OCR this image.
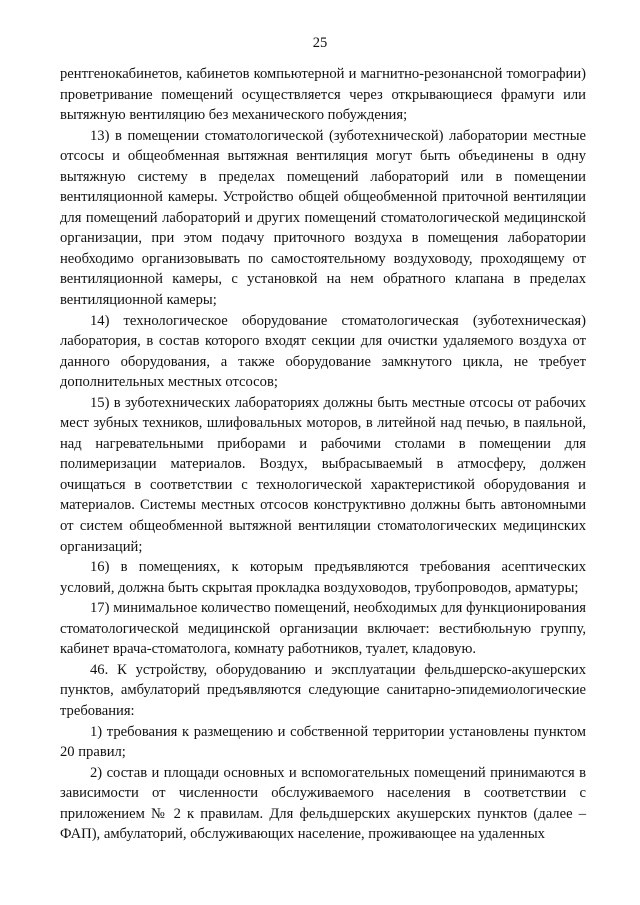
25

рентгенокабинетов, кабинетов компьютерной и магнитно-резонансной томографии) проветривание помещений осуществляется через открывающиеся фрамуги или вытяжную вентиляцию без механического побуждения;

13) в помещении стоматологической (зуботехнической) лаборатории местные отсосы и общеобменная вытяжная вентиляция могут быть объединены в одну вытяжную систему в пределах помещений лабораторий или в помещении вентиляционной камеры. Устройство общей общеобменной приточной вентиляции для помещений лабораторий и других помещений стоматологической медицинской организации, при этом подачу приточного воздуха в помещения лаборатории необходимо организовывать по самостоятельному воздуховоду, проходящему от вентиляционной камеры, с установкой на нем обратного клапана в пределах вентиляционной камеры;

14) технологическое оборудование стоматологическая (зуботехническая) лаборатория, в состав которого входят секции для очистки удаляемого воздуха от данного оборудования, а также оборудование замкнутого цикла, не требует дополнительных местных отсосов;

15) в зуботехнических лабораториях должны быть местные отсосы от рабочих мест зубных техников, шлифовальных моторов, в литейной над печью, в паяльной, над нагревательными приборами и рабочими столами в помещении для полимеризации материалов. Воздух, выбрасываемый в атмосферу, должен очищаться в соответствии с технологической характеристикой оборудования и материалов. Системы местных отсосов конструктивно должны быть автономными от систем общеобменной вытяжной вентиляции стоматологических медицинских организаций;

16) в помещениях, к которым предъявляются требования асептических условий, должна быть скрытая прокладка воздуховодов, трубопроводов, арматуры;

17) минимальное количество помещений, необходимых для функционирования стоматологической медицинской организации включает: вестибюльную группу, кабинет врача-стоматолога, комнату работников, туалет, кладовую.

46. К устройству, оборудованию и эксплуатации фельдшерско-акушерских пунктов, амбулаторий предъявляются следующие санитарно-эпидемиологические требования:

1) требования к размещению и собственной территории установлены пунктом 20 правил;

2) состав и площади основных и вспомогательных помещений принимаются в зависимости от численности обслуживаемого населения в соответствии с приложением № 2 к правилам. Для фельдшерских акушерских пунктов (далее – ФАП), амбулаторий, обслуживающих население, проживающее на удаленных
